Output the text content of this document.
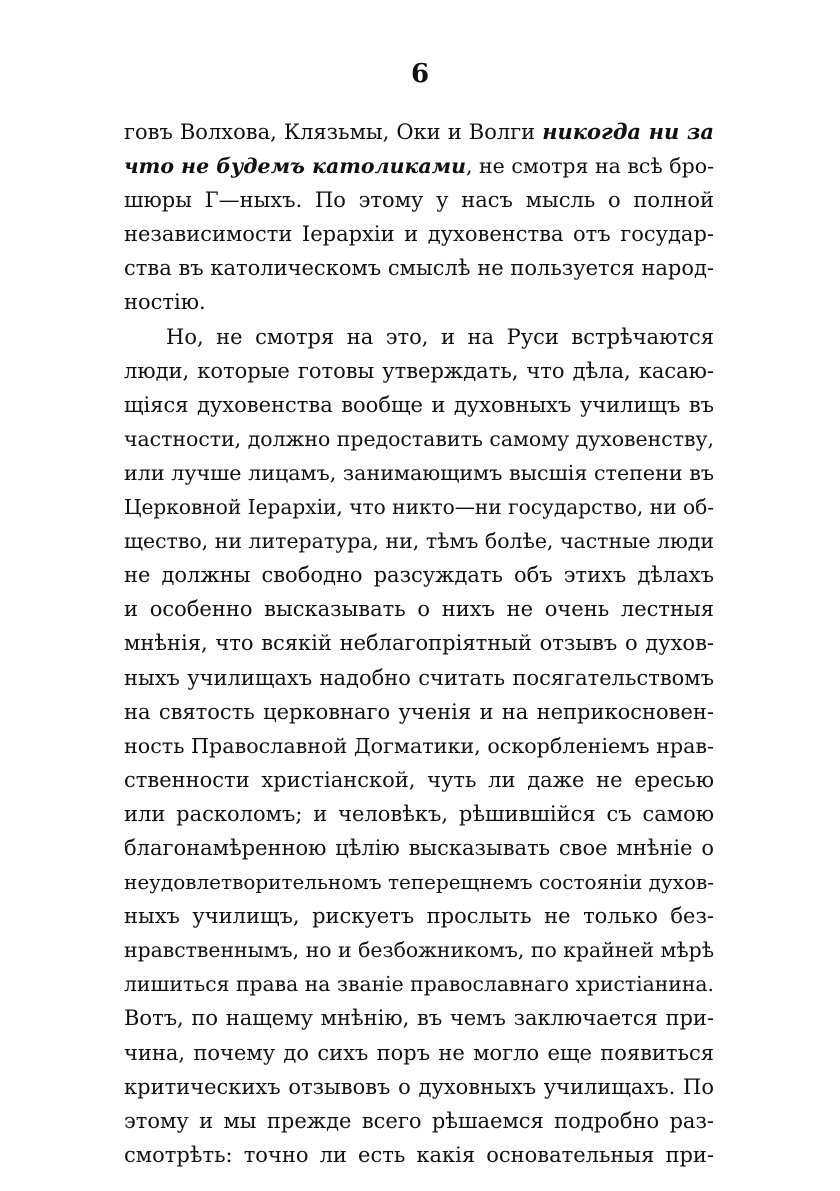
6
говъ Волхова, Клязьмы, Оки и Волги никогда ни за
что не будемъ католиками, не смотря на всѣ бро-
шюры Г—ныхъ. По этому у насъ мысль о полной
независимости Іерархіи и духовенства отъ государ-
ства въ католическомъ смыслѣ не пользуется народ-
ностію.
Но, не смотря на это, и на Руси встрѣчаются
люди, которые готовы утверждать, что дѣла, касаю-
щіяся духовенства вообще и духовныхъ училищъ въ
частности, должно предоставить самому духовенству,
или лучше лицамъ, занимающимъ высшія степени въ
Церковной Іерархіи, что никто—ни государство, ни об-
щество, ни литература, ни, тѣмъ болѣе, частные люди
не должны свободно разсуждать объ этихъ дѣлахъ
и особенно высказывать о нихъ не очень лестныя
мнѣнія, что всякій неблагопріятный отзывъ о духов-
ныхъ училищахъ надобно считать посягательствомъ
на святость церковнаго ученія и на неприкосновен-
ность Православной Догматики, оскорбленіемъ нрав-
ственности христіанской, чуть ли даже не ересью
или расколомъ; и человѣкъ, рѣшившійся съ самою
благонамѣренною цѣлію высказывать свое мнѣніе о
неудовлетворительномъ теперещнемъ состояніи духов-
ныхъ училищъ, рискуетъ прослыть не только без-
нравственнымъ, но и безбожникомъ, по крайней мѣрѣ
лишиться права на званіе православнаго христіанина.
Вотъ, по нащему мнѣнію, въ чемъ заключается при-
чина, почему до сихъ поръ не могло еще появиться
критическихъ отзывовъ о духовныхъ училищахъ. По
этому и мы прежде всего рѣшаемся подробно раз-
смотрѣть: точно ли есть какія основательныя при-
